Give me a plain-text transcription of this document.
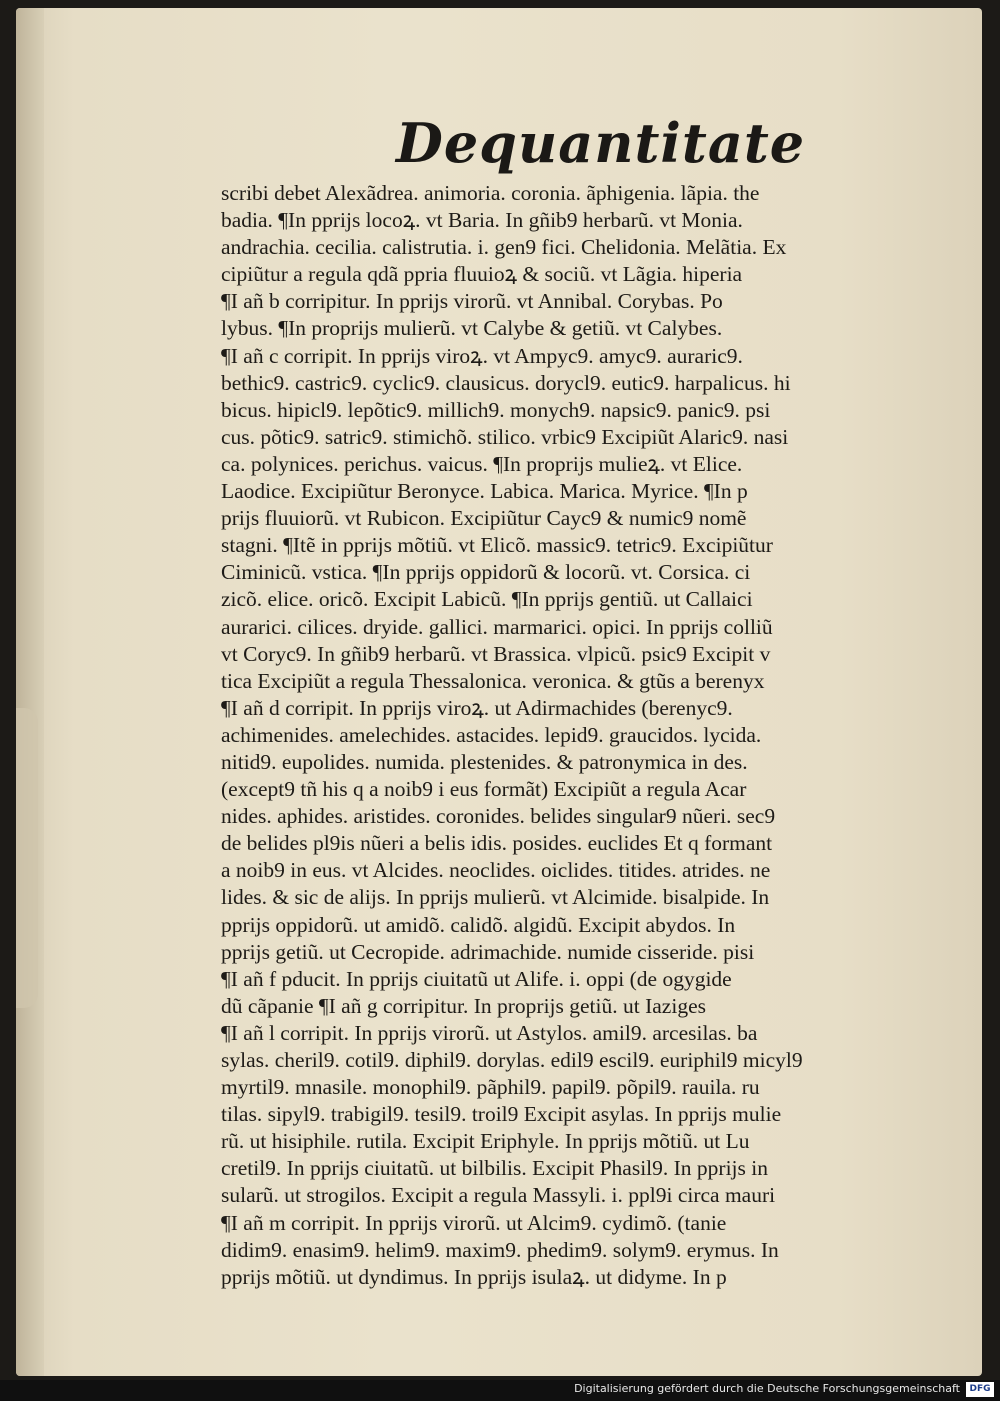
Dequantitate
scribi debet Alexãdrea. animoria. coronia. ãphigenia. lãpia. the
badia. ¶In pprijs locoꝝ. vt Baria. In gñib9 herbarũ. vt Monia.
andrachia. cecilia. calistrutia. i. gen9 fici. Chelidonia. Melãtia. Ex
cipiũtur a regula qdã ppria fluuioꝝ & sociũ. vt Lãgia. hiperia
¶I añ b corripitur. In pprijs virorũ. vt Annibal. Corybas. Po
lybus. ¶In proprijs mulierũ. vt Calybe & getiũ. vt Calybes.
¶I añ c corripit. In pprijs viroꝝ. vt Ampyc9. amyc9. auraric9.
bethic9. castric9. cyclic9. clausicus. dorycl9. eutic9. harpalicus. hi
bicus. hipicl9. lepõtic9. millich9. monych9. napsic9. panic9. psi
cus. põtic9. satric9. stimichõ. stilico. vrbic9 Excipiũt Alaric9. nasi
ca. polynices. perichus. vaicus. ¶In proprijs mulieꝝ. vt Elice.
Laodice. Excipiũtur Beronyce. Labica. Marica. Myrice. ¶In p
prijs fluuiorũ. vt Rubicon. Excipiũtur Cayc9 & numic9 nomẽ
stagni. ¶Itẽ in pprijs mõtiũ. vt Elicõ. massic9. tetric9. Excipiũtur
Ciminicũ. vstica. ¶In pprijs oppidorũ & locorũ. vt. Corsica. ci
zicõ. elice. oricõ. Excipit Labicũ. ¶In pprijs gentiũ. ut Callaici
aurarici. cilices. dryide. gallici. marmarici. opici. In pprijs colliũ
vt Coryc9. In gñib9 herbarũ. vt Brassica. vlpicũ. psic9 Excipit v
tica Excipiũt a regula Thessalonica. veronica. & gtũs a berenyx
¶I añ d corripit. In pprijs viroꝝ. ut Adirmachides (berenyc9.
achimenides. amelechides. astacides. lepid9. graucidos. lycida.
nitid9. eupolides. numida. plestenides. & patronymica in des.
(except9 tñ his q a noib9 i eus formãt) Excipiũt a regula Acar
nides. aphides. aristides. coronides. belides singular9 nũeri. sec9
de belides pl9is nũeri a belis idis. posides. euclides Et q formant
a noib9 in eus. vt Alcides. neoclides. oiclides. titides. atrides. ne
lides. & sic de alijs. In pprijs mulierũ. vt Alcimide. bisalpide. In
pprijs oppidorũ. ut amidõ. calidõ. algidũ. Excipit abydos. In
pprijs getiũ. ut Cecropide. adrimachide. numide cisseride. pisi
¶I añ f pducit. In pprijs ciuitatũ ut Alife. i. oppi (de ogygide
dũ cãpanie ¶I añ g corripitur. In proprijs getiũ. ut Iaziges
¶I añ l corripit. In pprijs virorũ. ut Astylos. amil9. arcesilas. ba
sylas. cheril9. cotil9. diphil9. dorylas. edil9 escil9. euriphil9 micyl9
myrtil9. mnasile. monophil9. pãphil9. papil9. põpil9. rauila. ru
tilas. sipyl9. trabigil9. tesil9. troil9 Excipit asylas. In pprijs mulie
rũ. ut hisiphile. rutila. Excipit Eriphyle. In pprijs mõtiũ. ut Lu
cretil9. In pprijs ciuitatũ. ut bilbilis. Excipit Phasil9. In pprijs in
sularũ. ut strogilos. Excipit a regula Massyli. i. ppl9i circa mauri
¶I añ m corripit. In pprijs virorũ. ut Alcim9. cydimõ. (tanie
didim9. enasim9. helim9. maxim9. phedim9. solym9. erymus. In
pprijs mõtiũ. ut dyndimus. In pprijs isulaꝝ. ut didyme. In p
Digitalisierung gefördert durch die Deutsche Forschungsgemeinschaft	DFG
